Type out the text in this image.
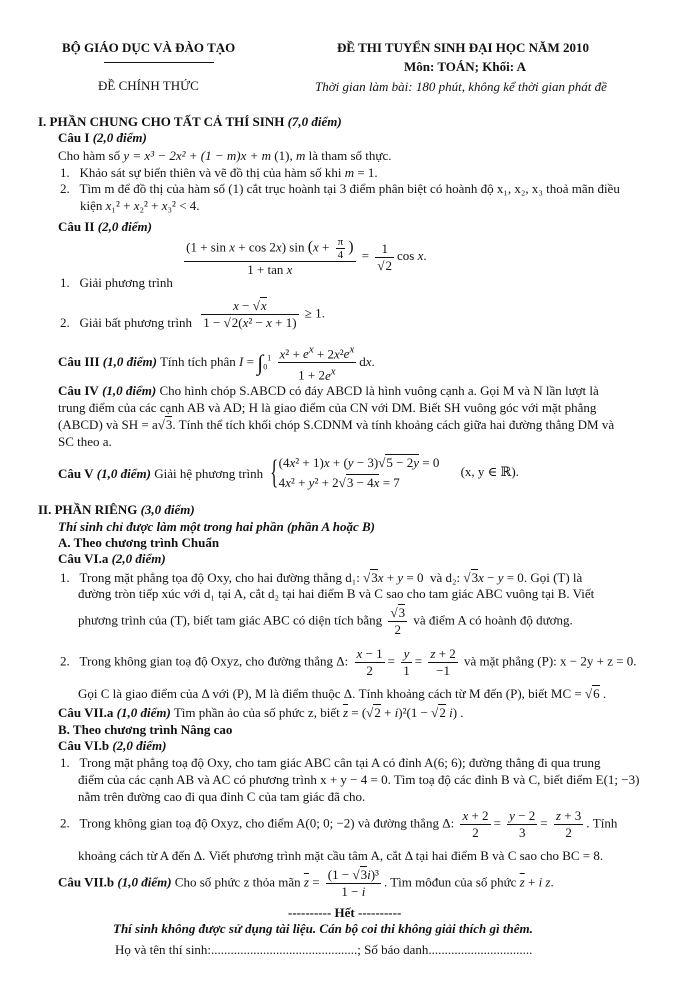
BỘ GIÁO DỤC VÀ ĐÀO TẠO
ĐỀ CHÍNH THỨC
ĐỀ THI TUYỂN SINH ĐẠI HỌC NĂM 2010
Môn: TOÁN; Khối: A
Thời gian làm bài: 180 phút, không kể thời gian phát đề
I. PHẦN CHUNG CHO TẤT CẢ THÍ SINH (7,0 điểm)
Câu I (2,0 điểm)
Cho hàm số y = x³ − 2x² + (1 − m)x + m (1), m là tham số thực.
1.   Khảo sát sự biến thiên và vẽ đồ thị của hàm số khi m = 1.
2.   Tìm m để đồ thị của hàm số (1) cắt trục hoành tại 3 điểm phân biệt có hoành độ x₁, x₂, x₃ thoả mãn điều
kiện x₁² + x₂² + x₃² < 4.
Câu II (2,0 điểm)
1.   Giải phương trình
$\frac{(1 + \sin x + \cos 2x) \sin (x + \frac{\pi}{4} )}{\text{1 + tan x}} = \frac{1}{√2}$ cos x.
2.   Giải bất phương trình $\frac{x - √x}{\text{1 − √2(x² − x + 1)}} \ge 1$.
Câu III (1,0 điểm) Tính tích phân $I = \int_0^1 \frac{x^2 + e^x + 2x^2e^x}{1 + 2e^x}$ dx.
Câu IV (1,0 điểm) Cho hình chóp S.ABCD có đáy ABCD là hình vuông cạnh a. Gọi M và N lần lượt là
trung điểm của các cạnh AB và AD; H là giao điểm của CN với DM. Biết SH vuông góc với mặt phẳng
(ABCD) và SH = a√3. Tính thể tích khối chóp S.CDNM và tính khoảng cách giữa hai đường thẳng DM và
SC theo a.
Câu V (1,0 điểm) Giải hệ phương trình {(4x² + 1)x + (y − 3)√5 − 2y = 0
4x² + y² + 2√3 − 4x = 7 (x, y ∈ ℝ).
II. PHẦN RIÊNG (3,0 điểm)
Thí sinh chỉ được làm một trong hai phần (phần A hoặc B)
A. Theo chương trình Chuẩn
Câu VI.a (2,0 điểm)
1.   Trong mặt phẳng tọa độ Oxy, cho hai đường thẳng d₁: √3x + y = 0  và d₂: √3x − y = 0. Gọi (T) là
đường tròn tiếp xúc với d₁ tại A, cắt d₂ tại hai điểm B và C sao cho tam giác ABC vuông tại B. Viết
phương trình của (T), biết tam giác ABC có diện tích bằng $\frac{√3}{2}$ và điểm A có hoành độ dương.
2.   Trong không gian toạ độ Oxyz, cho đường thẳng Δ: $\frac{x - 1}{2} = \frac{y}{1} = \frac{z + 2}{-1}$ và mặt phẳng (P): x − 2y + z = 0.
Gọi C là giao điểm của Δ với (P), M là điểm thuộc Δ. Tính khoảng cách từ M đến (P), biết MC = √6 .
Câu VII.a (1,0 điểm) Tìm phần ảo của số phức z, biết $\overline{z} = (√2 + i)^2(1 - √2$ i) .
B. Theo chương trình Nâng cao
Câu VI.b (2,0 điểm)
1.   Trong mặt phẳng toạ độ Oxy, cho tam giác ABC cân tại A có đỉnh A(6; 6); đường thẳng đi qua trung
điểm của các cạnh AB và AC có phương trình x + y − 4 = 0. Tìm toạ độ các đỉnh B và C, biết điểm E(1; −3)
nằm trên đường cao đi qua đỉnh C của tam giác đã cho.
2.   Trong không gian toạ độ Oxyz, cho điểm A(0; 0; −2) và đường thẳng Δ: $\frac{x + 2}{2} = \frac{y - 2}{3} = \frac{z + 3}{2}$ . Tính
khoảng cách từ A đến Δ. Viết phương trình mặt cầu tâm A, cắt Δ tại hai điểm B và C sao cho BC = 8.
Câu VII.b (1,0 điểm) Cho số phức z thỏa mãn $\overline{z} = \frac{\text{(1 − √3i)³}}{1 - i}$ . Tìm môđun của số phức $\overline{z} + i$ z.
---------- Hết ----------
Thí sinh không được sử dụng tài liệu. Cán bộ coi thi không giải thích gì thêm.
Họ và tên thí sinh:.............................................; Số báo danh................................
